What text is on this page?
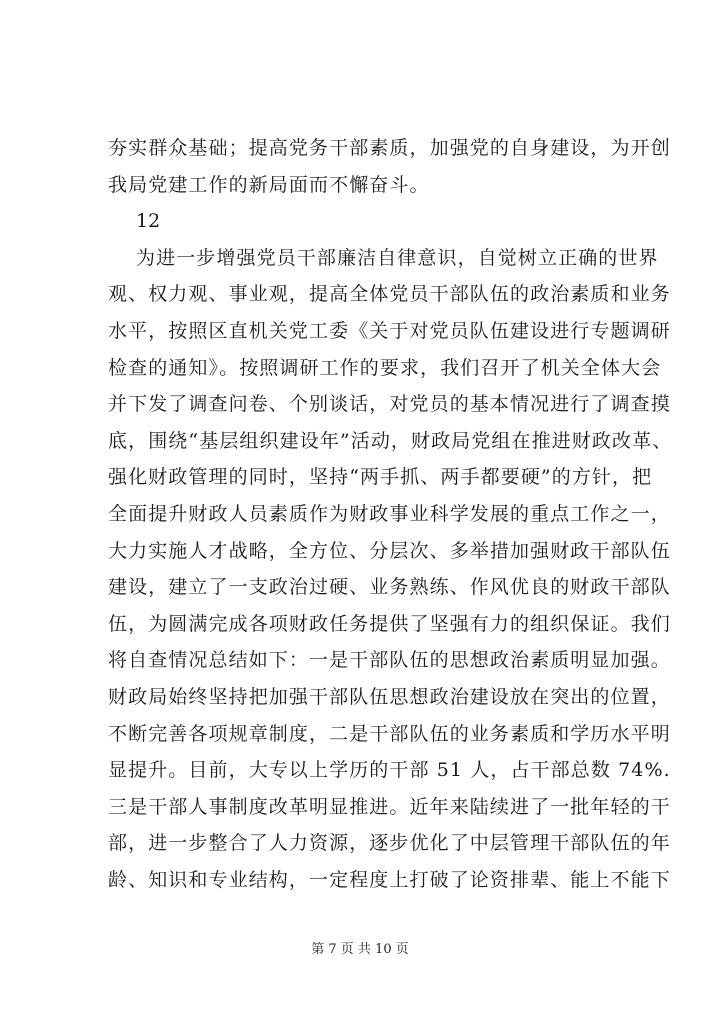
夯实群众基础；提高党务干部素质，加强党的自身建设，为开创
我局党建工作的新局面而不懈奋斗。
12
为进一步增强党员干部廉洁自律意识，自觉树立正确的世界
观、权力观、事业观，提高全体党员干部队伍的政治素质和业务
水平，按照区直机关党工委《关于对党员队伍建设进行专题调研
检查的通知》。按照调研工作的要求，我们召开了机关全体大会
并下发了调查问卷、个别谈话，对党员的基本情况进行了调查摸
底，围绕“基层组织建设年”活动，财政局党组在推进财政改革、
强化财政管理的同时，坚持“两手抓、两手都要硬”的方针，把
全面提升财政人员素质作为财政事业科学发展的重点工作之一，
大力实施人才战略，全方位、分层次、多举措加强财政干部队伍
建设，建立了一支政治过硬、业务熟练、作风优良的财政干部队
伍，为圆满完成各项财政任务提供了坚强有力的组织保证。我们
将自查情况总结如下：一是干部队伍的思想政治素质明显加强。
财政局始终坚持把加强干部队伍思想政治建设放在突出的位置，
不断完善各项规章制度，二是干部队伍的业务素质和学历水平明
显提升。目前，大专以上学历的干部 51 人，占干部总数 74%.
三是干部人事制度改革明显推进。近年来陆续进了一批年轻的干
部，进一步整合了人力资源，逐步优化了中层管理干部队伍的年
龄、知识和专业结构，一定程度上打破了论资排辈、能上不能下
第 7 页 共 10 页
